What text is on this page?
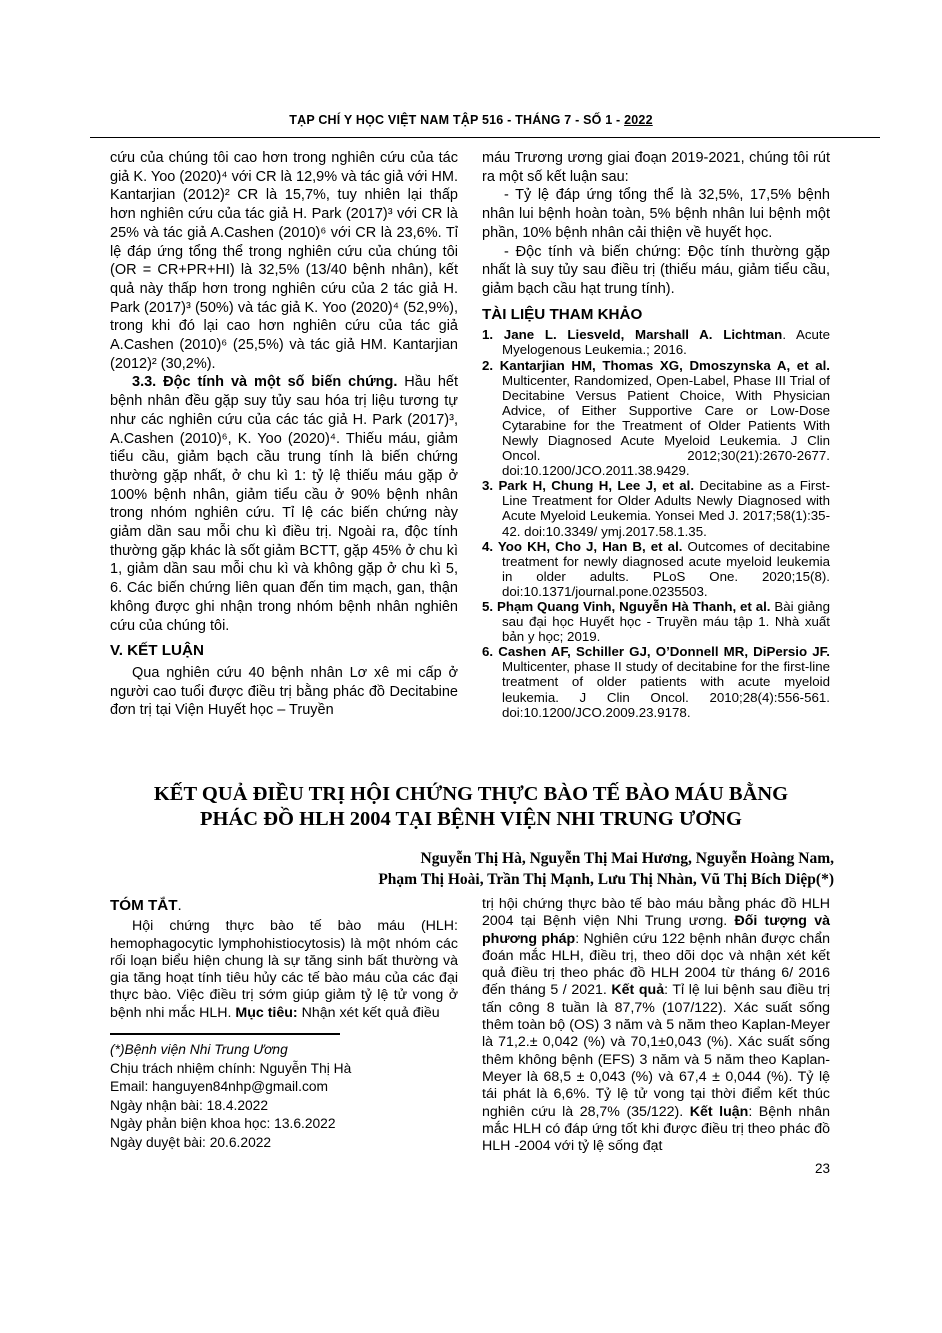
TẠP CHÍ Y HỌC VIỆT NAM TẬP 516 - THÁNG 7 - SỐ 1 - 2022

cứu của chúng tôi cao hơn trong nghiên cứu của tác giả K. Yoo (2020)⁴ với CR là 12,9% và tác giả với HM. Kantarjian (2012)² CR là 15,7%, tuy nhiên lại thấp hơn nghiên cứu của tác giả H. Park (2017)³ với CR là 25% và tác giả A.Cashen (2010)⁶ với CR là 23,6%. Tỉ lệ đáp ứng tổng thể trong nghiên cứu của chúng tôi (OR = CR+PR+HI) là 32,5% (13/40 bệnh nhân), kết quả này thấp hơn trong nghiên cứu của 2 tác giả H. Park (2017)³ (50%) và tác giả K. Yoo (2020)⁴ (52,9%), trong khi đó lại cao hơn nghiên cứu của tác giả A.Cashen (2010)⁶ (25,5%) và tác giả HM. Kantarjian (2012)² (30,2%).

3.3. Độc tính và một số biến chứng. Hầu hết bệnh nhân đều gặp suy tủy sau hóa trị liệu tương tự như các nghiên cứu của các tác giả H. Park (2017)³, A.Cashen (2010)⁶, K. Yoo (2020)⁴. Thiếu máu, giảm tiểu cầu, giảm bạch cầu trung tính là biến chứng thường gặp nhất, ở chu kì 1: tỷ lệ thiếu máu gặp ở 100% bệnh nhân, giảm tiểu cầu ở 90% bệnh nhân trong nhóm nghiên cứu. Tỉ lệ các biến chứng này giảm dần sau mỗi chu kì điều trị. Ngoài ra, độc tính thường gặp khác là sốt giảm BCTT, gặp 45% ở chu kì 1, giảm dần sau mỗi chu kì và không gặp ở chu kì 5, 6. Các biến chứng liên quan đến tim mạch, gan, thận không được ghi nhận trong nhóm bệnh nhân nghiên cứu của chúng tôi.

V. KẾT LUẬN

Qua nghiên cứu 40 bệnh nhân Lơ xê mi cấp ở người cao tuổi được điều trị bằng phác đồ Decitabine đơn trị tại Viện Huyết học – Truyền

máu Trương ương giai đoạn 2019-2021, chúng tôi rút ra một số kết luận sau:

- Tỷ lệ đáp ứng tổng thể là 32,5%, 17,5% bệnh nhân lui bệnh hoàn toàn, 5% bệnh nhân lui bệnh một phần, 10% bệnh nhân cải thiện về huyết học.

- Độc tính và biến chứng: Độc tính thường gặp nhất là suy tủy sau điều trị (thiếu máu, giảm tiểu cầu, giảm bạch cầu hạt trung tính).

TÀI LIỆU THAM KHẢO
1. Jane L. Liesveld, Marshall A. Lichtman. Acute Myelogenous Leukemia.; 2016.
2. Kantarjian HM, Thomas XG, Dmoszynska A, et al. Multicenter, Randomized, Open-Label, Phase III Trial of Decitabine Versus Patient Choice, With Physician Advice, of Either Supportive Care or Low-Dose Cytarabine for the Treatment of Older Patients With Newly Diagnosed Acute Myeloid Leukemia. J Clin Oncol. 2012;30(21):2670-2677. doi:10.1200/JCO.2011.38.9429.
3. Park H, Chung H, Lee J, et al. Decitabine as a First-Line Treatment for Older Adults Newly Diagnosed with Acute Myeloid Leukemia. Yonsei Med J. 2017;58(1):35-42. doi:10.3349/ ymj.2017.58.1.35.
4. Yoo KH, Cho J, Han B, et al. Outcomes of decitabine treatment for newly diagnosed acute myeloid leukemia in older adults. PLoS One. 2020;15(8). doi:10.1371/journal.pone.0235503.
5. Phạm Quang Vinh, Nguyễn Hà Thanh, et al. Bài giảng sau đại học Huyết học - Truyền máu tập 1. Nhà xuất bản y học; 2019.
6. Cashen AF, Schiller GJ, O’Donnell MR, DiPersio JF. Multicenter, phase II study of decitabine for the first-line treatment of older patients with acute myeloid leukemia. J Clin Oncol. 2010;28(4):556-561. doi:10.1200/JCO.2009.23.9178.
KẾT QUẢ ĐIỀU TRỊ HỘI CHỨNG THỰC BÀO TẾ BÀO MÁU BẰNG
PHÁC ĐỒ HLH 2004 TẠI BỆNH VIỆN NHI TRUNG ƯƠNG
Nguyễn Thị Hà, Nguyễn Thị Mai Hương, Nguyễn Hoàng Nam,
Phạm Thị Hoài, Trần Thị Mạnh, Lưu Thị Nhàn, Vũ Thị Bích Diệp(*)
TÓM TẮT.

Hội chứng thực bào tế bào máu (HLH: hemophagocytic lymphohistiocytosis) là một nhóm các rối loạn biểu hiện chung là sự tăng sinh bất thường và gia tăng hoạt tính tiêu hủy các tế bào máu của các đại thực bào. Việc điều trị sớm giúp giảm tỷ lệ tử vong ở bệnh nhi mắc HLH. Mục tiêu: Nhận xét kết quả điều

trị hội chứng thực bào tế bào máu bằng phác đồ HLH 2004 tại Bệnh viện Nhi Trung ương. Đối tượng và phương pháp: Nghiên cứu 122 bệnh nhân được chẩn đoán mắc HLH, điều trị, theo dõi dọc và nhận xét kết quả điều trị theo phác đồ HLH 2004 từ tháng 6/ 2016 đến tháng 5 / 2021. Kết quả: Tỉ lệ lui bệnh sau điều trị tấn công 8 tuần là 87,7% (107/122). Xác suất sống thêm toàn bộ (OS) 3 năm và 5 năm theo Kaplan-Meyer là 71,2.± 0,042 (%) và 70,1±0,043 (%). Xác suất sống thêm không bệnh (EFS) 3 năm và 5 năm theo Kaplan- Meyer là 68,5 ± 0,043 (%) và 67,4 ± 0,044 (%). Tỷ lệ tái phát là 6,6%. Tỷ lệ tử vong tại thời điểm kết thúc nghiên cứu là 28,7% (35/122). Kết luận: Bệnh nhân mắc HLH có đáp ứng tốt khi được điều trị theo phác đồ HLH -2004 với tỷ lệ sống đạt

(*)Bệnh viện Nhi Trung Ương
Chịu trách nhiệm chính: Nguyễn Thị Hà
Email: hanguyen84nhp@gmail.com
Ngày nhận bài: 18.4.2022
Ngày phản biện khoa học: 13.6.2022
Ngày duyệt bài: 20.6.2022
23
